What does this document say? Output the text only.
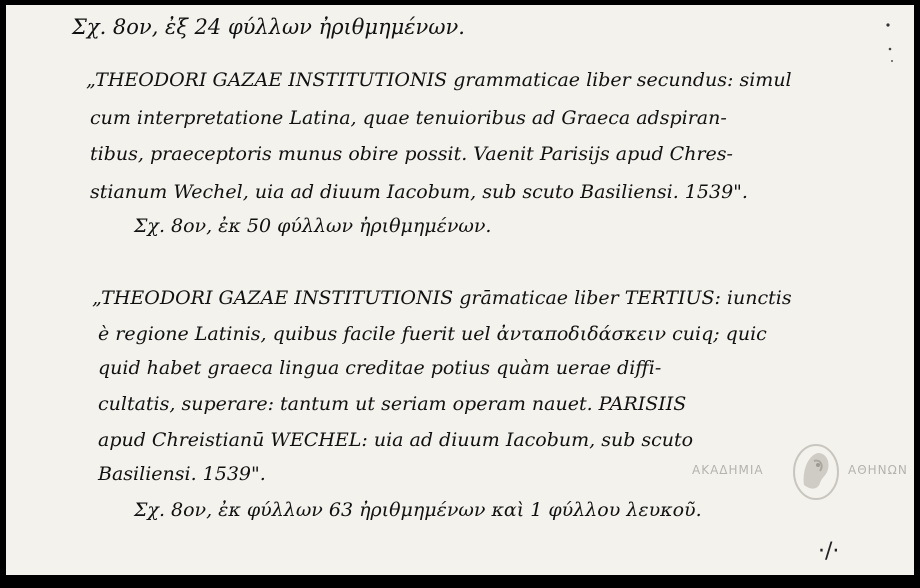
Σχ. 8ον, ἐξ 24 φύλλων ἠριθμημένων.
„THEODORI GAZAE INSTITUTIONIS grammaticae liber secundus: simul
cum interpretatione Latina, quae tenuioribus ad Graeca adspiran-
tibus, praeceptoris munus obire possit. Vaenit Parisijs apud Chres-
stianum Wechel, uia ad diuum Iacobum, sub scuto Basiliensi. 1539".
Σχ. 8ον, ἐκ 50 φύλλων ἠριθμημένων.
„THEODORI GAZAE INSTITUTIONIS grāmaticae liber TERTIUS: iunctis
è regione Latinis, quibus facile fuerit uel ἀνταποδιδάσκειν cuiq; quic
quid habet graeca lingua creditae potius quàm uerae diffi-
cultatis, superare: tantum ut seriam operam nauet. PARISIIS
apud Chreistianū WECHEL: uia ad diuum Iacobum, sub scuto
Basiliensi. 1539".
Σχ. 8ον, ἐκ φύλλων 63 ἠριθμημένων καὶ 1 φύλλου λευκοῦ.
ΑΚΑΔΗΜΙΑ	ΑΘΗΝΩΝ
·/·
